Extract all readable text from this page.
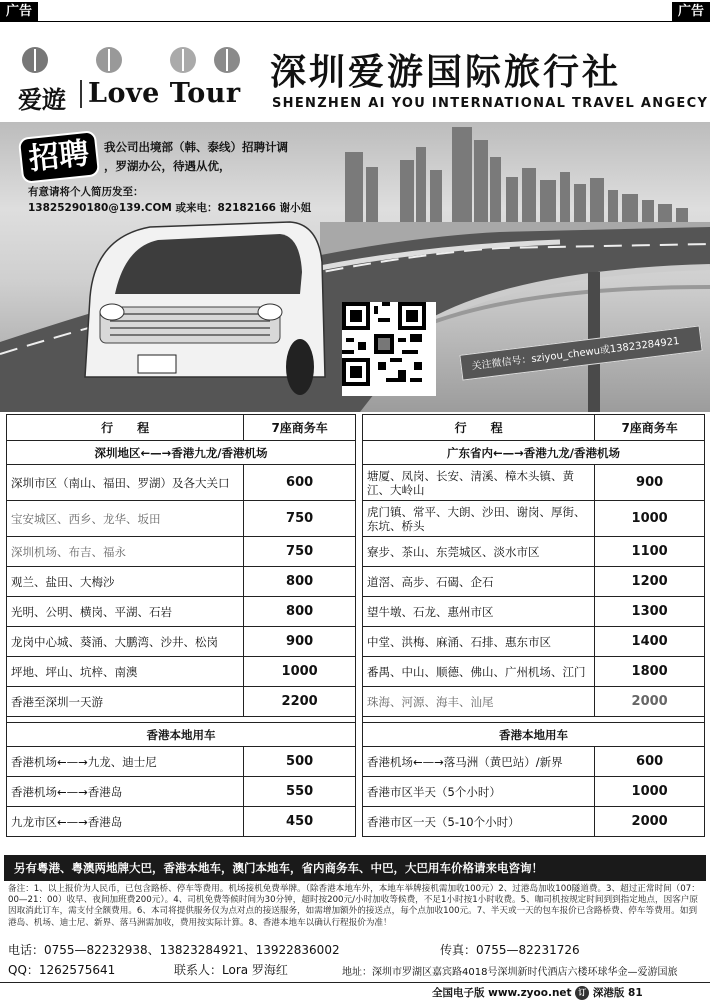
广告	广告
爱遊 Love Tour
深圳爱游国际旅行社
SHENZHEN AI YOU INTERNATIONAL TRAVEL ANGECY
招聘	我公司出境部（韩、泰线）招聘计调
，罗湖办公，待遇从优，
有意请将个人简历发至：
13825290180@139.COM 或来电：82182166 谢小姐
关注微信号：sziyou_chewu或13823284921
行　　程	7座商务车
深圳地区←—→香港九龙/香港机场	
深圳市区（南山、福田、罗湖）及各大关口	600
宝安城区、西乡、龙华、坂田	750
深圳机场、布吉、福永	750
观兰、盐田、大梅沙	800
光明、公明、横岗、平湖、石岩	800
龙岗中心城、葵涌、大鹏湾、沙井、松岗	900
坪地、坪山、坑梓、南澳	1000
香港至深圳一天游	2200

香港本地用车	
香港机场←—→九龙、迪士尼	500
香港机场←—→香港岛	550
九龙市区←—→香港岛	450
行　　程	7座商务车
广东省内←—→香港九龙/香港机场	
塘厦、凤岗、长安、清溪、樟木头镇、黄江、大岭山	900
虎门镇、常平、大朗、沙田、谢岗、厚街、东坑、桥头	1000
寮步、茶山、东莞城区、淡水市区	1100
道滘、高步、石碣、企石	1200
望牛墩、石龙、惠州市区	1300
中堂、洪梅、麻涌、石排、惠东市区	1400
番禺、中山、顺德、佛山、广州机场、江门	1800
珠海、河源、海丰、汕尾	2000

香港本地用车	
香港机场←—→落马洲（黄巴站）/新界	600
香港市区半天（5个小时）	1000
香港市区一天（5-10个小时）	2000
另有粤港、粤澳两地牌大巴，香港本地车，澳门本地车，省内商务车、中巴，大巴用车价格请来电咨询！
备注：1、以上报价为人民币，已包含路桥、停车等费用。机场接机免费举牌。（除香港本地车外，本地车举牌接机需加收100元）2、过港岛加收100隧道费。3、超过正常时间（07：00—21：00）收早、夜间加班费200元）。4、司机免费等候时间为30分钟，超时按200元/小时加收等候费，不足1小时按1小时收费。5、咖司机按规定时间到到指定地点，因客户原因取消此订车，需支付全额费用。6、本司将提供服务仅为点对点的接送服务，如需增加额外的接送点，每个点加收100元。7、半天或一天的包车报价已含路桥费、停车等费用。如到港岛、机场、迪士尼、新界、落马洲需加收，费用按实际计算。8、香港本地车以确认行程报价为准！
电话：0755—82232938、13823284921、13922836002	传真：0755—82231726
QQ：1262575641	联系人：Lora 罗海红	地址：深圳市罗湖区嘉宾路4018号深圳新时代酒店六楼环球华金—爱游国旅
全国电子版 www.zyoo.net 订 深港版 81
